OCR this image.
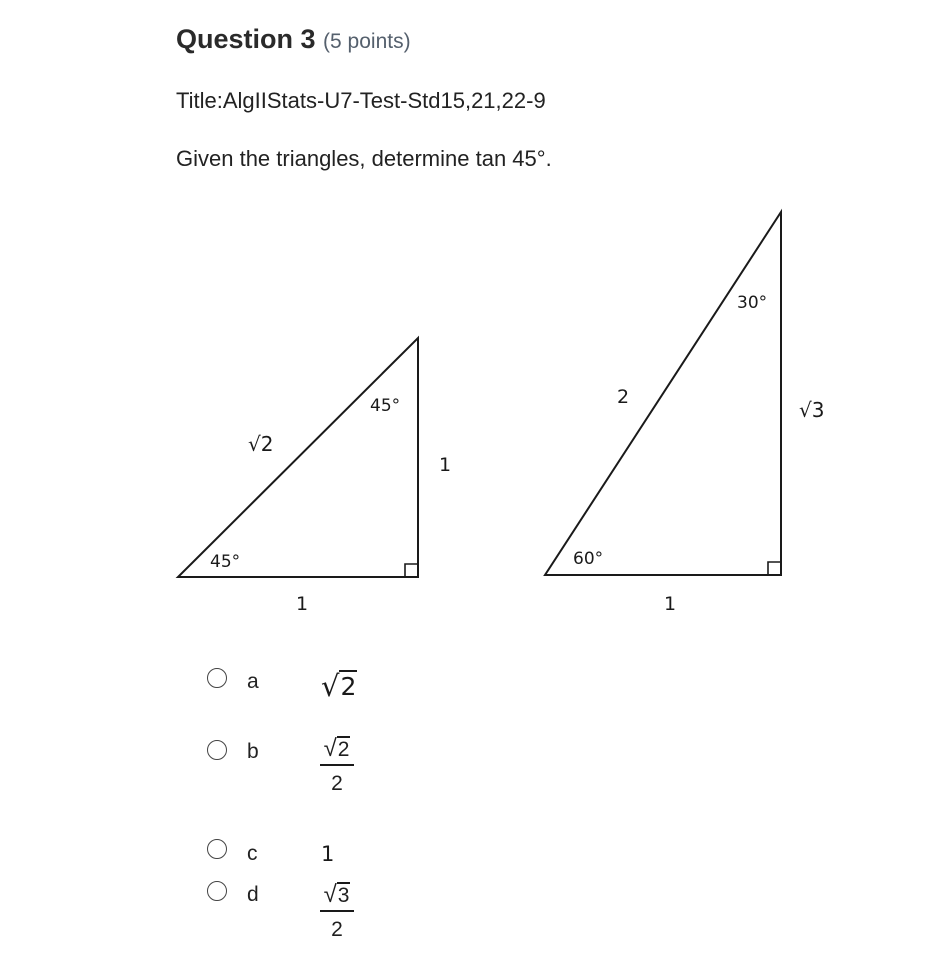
Question 3 (5 points)
Title:AlgIIStats-U7-Test-Std15,21,22-9
Given the triangles, determine tan 45°.
√2
45°
1
45°
1
30°
2
√3
60°
1
a √ 2
b	√ 2
2
c	1
d	√ 3
2
